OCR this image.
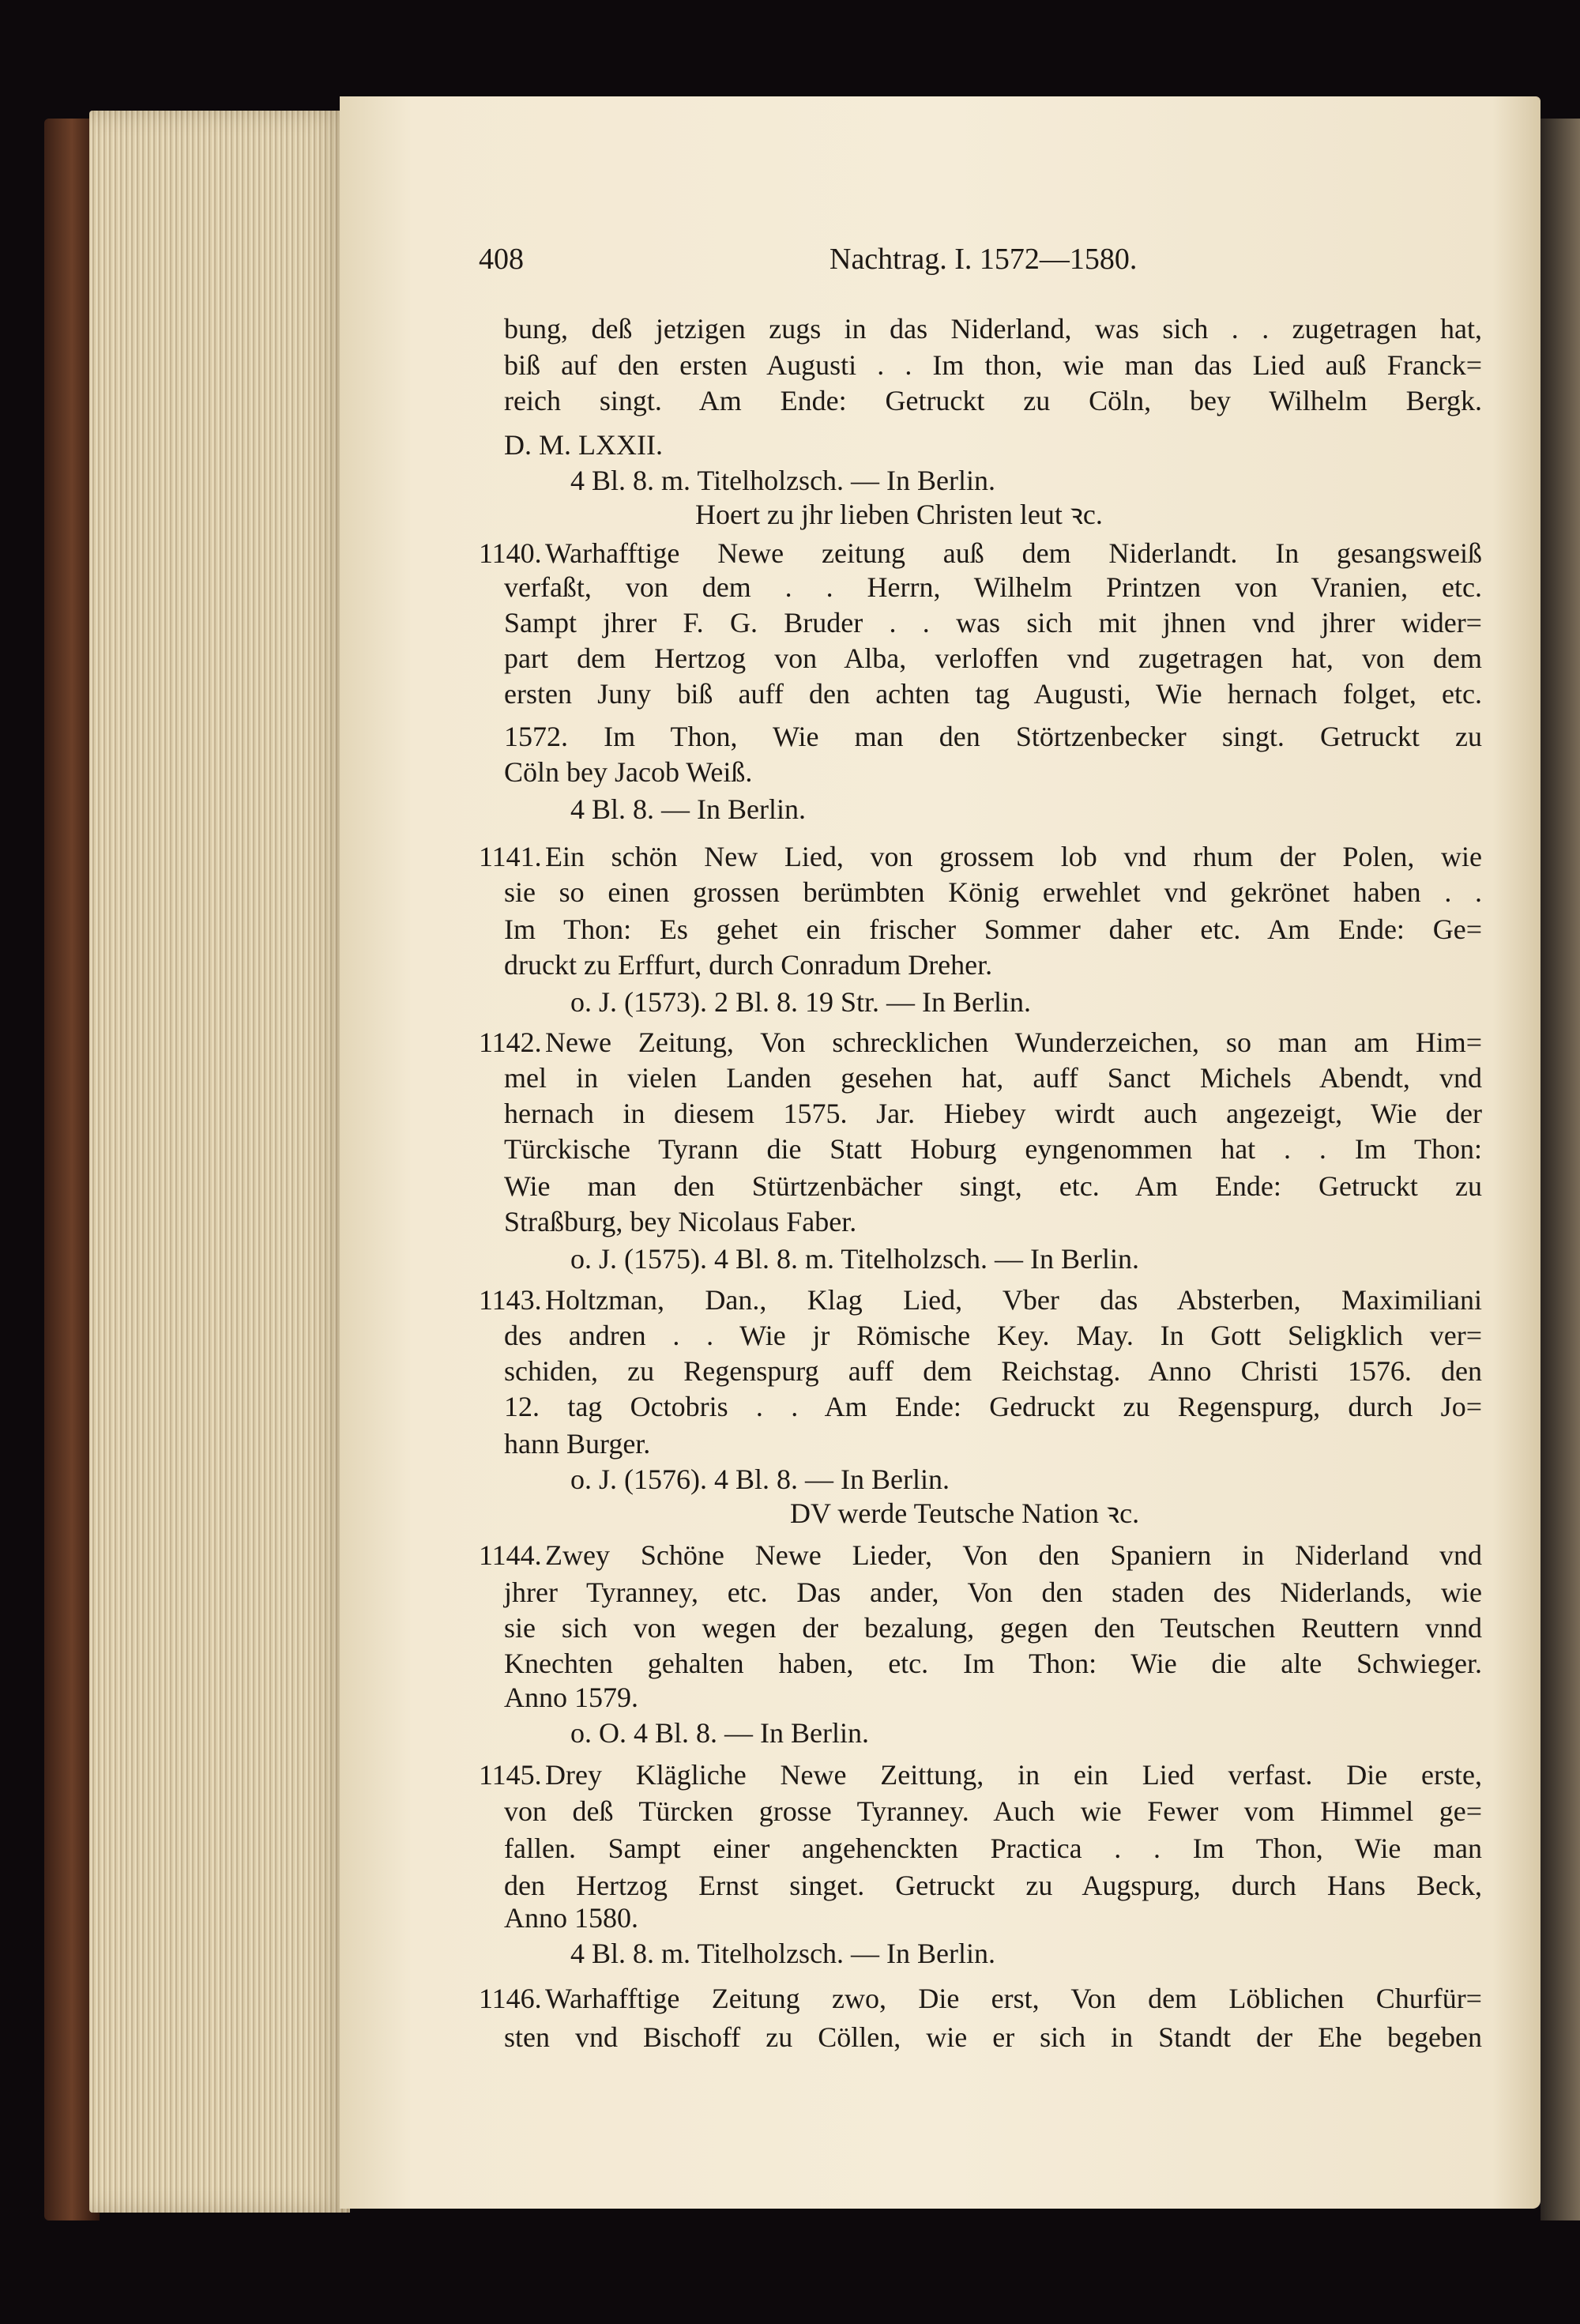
408	Nachtrag. I. 1572—1580.
bung, deß jetzigen zugs in das Niderland, was sich . . zugetragen hat,
biß auf den ersten Augusti . . Im thon, wie man das Lied auß Franck=
reich singt. Am Ende: Getruckt zu Cöln, bey Wilhelm Bergk.
D. M. LXXII.
4 Bl. 8. m. Titelholzsch. — In Berlin.
Hoert zu jhr lieben Christen leut ꝛc.
1140. Warhafftige Newe zeitung auß dem Niderlandt. In gesangsweiß
verfaßt, von dem . . Herrn, Wilhelm Printzen von Vranien, etc.
Sampt jhrer F. G. Bruder . . was sich mit jhnen vnd jhrer wider=
part dem Hertzog von Alba, verloffen vnd zugetragen hat, von dem
ersten Juny biß auff den achten tag Augusti, Wie hernach folget, etc.
1572. Im Thon, Wie man den Störtzenbecker singt. Getruckt zu
Cöln bey Jacob Weiß.
4 Bl. 8. — In Berlin.
1141. Ein schön New Lied, von grossem lob vnd rhum der Polen, wie
sie so einen grossen berümbten König erwehlet vnd gekrönet haben . .
Im Thon: Es gehet ein frischer Sommer daher etc. Am Ende: Ge=
druckt zu Erffurt, durch Conradum Dreher.
o. J. (1573). 2 Bl. 8. 19 Str. — In Berlin.
1142. Newe Zeitung, Von schrecklichen Wunderzeichen, so man am Him=
mel in vielen Landen gesehen hat, auff Sanct Michels Abendt, vnd
hernach in diesem 1575. Jar. Hiebey wirdt auch angezeigt, Wie der
Türckische Tyrann die Statt Hoburg eyngenommen hat . . Im Thon:
Wie man den Stürtzenbächer singt, etc. Am Ende: Getruckt zu
Straßburg, bey Nicolaus Faber.
o. J. (1575). 4 Bl. 8. m. Titelholzsch. — In Berlin.
1143. Holtzman, Dan., Klag Lied, Vber das Absterben, Maximiliani
des andren . . Wie jr Römische Key. May. In Gott Seligklich ver=
schiden, zu Regenspurg auff dem Reichstag. Anno Christi 1576. den
12. tag Octobris . . Am Ende: Gedruckt zu Regenspurg, durch Jo=
hann Burger.
o. J. (1576). 4 Bl. 8. — In Berlin.
DV werde Teutsche Nation ꝛc.
1144. Zwey Schöne Newe Lieder, Von den Spaniern in Niderland vnd
jhrer Tyranney, etc. Das ander, Von den staden des Niderlands, wie
sie sich von wegen der bezalung, gegen den Teutschen Reuttern vnnd
Knechten gehalten haben, etc. Im Thon: Wie die alte Schwieger.
Anno 1579.
o. O. 4 Bl. 8. — In Berlin.
1145. Drey Klägliche Newe Zeittung, in ein Lied verfast. Die erste,
von deß Türcken grosse Tyranney. Auch wie Fewer vom Himmel ge=
fallen. Sampt einer angehenckten Practica . . Im Thon, Wie man
den Hertzog Ernst singet. Getruckt zu Augspurg, durch Hans Beck,
Anno 1580.
4 Bl. 8. m. Titelholzsch. — In Berlin.
1146. Warhafftige Zeitung zwo, Die erst, Von dem Löblichen Churfür=
sten vnd Bischoff zu Cöllen, wie er sich in Standt der Ehe begeben
